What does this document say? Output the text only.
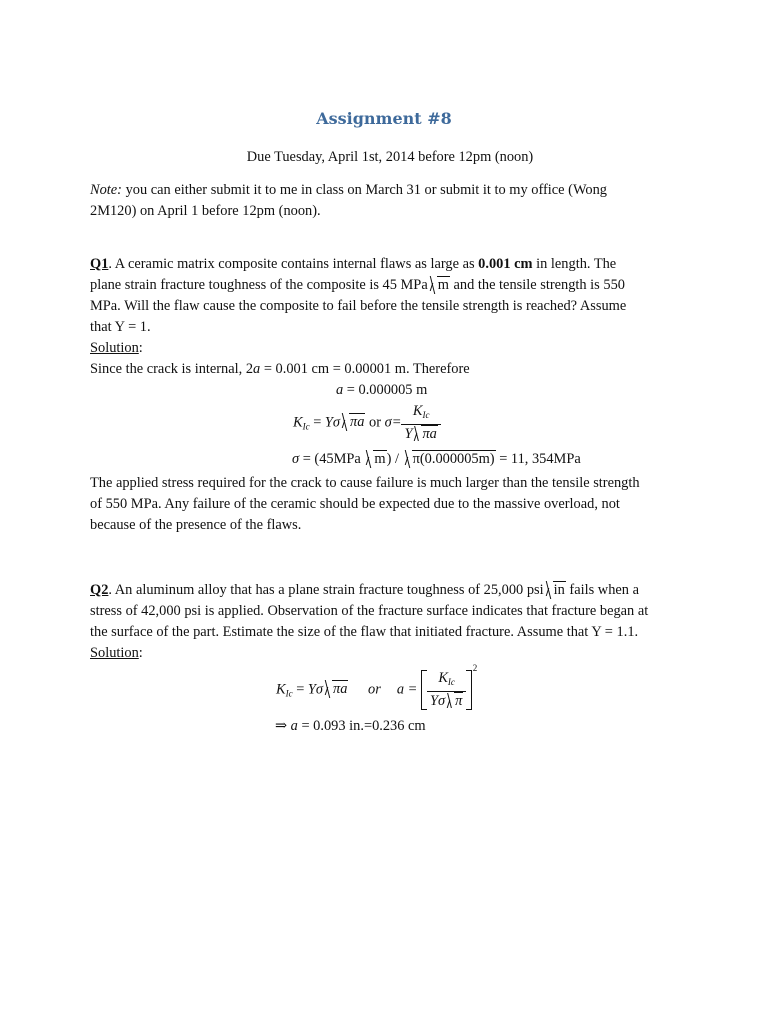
Assignment #8

Due Tuesday, April 1st, 2014 before 12pm (noon)

Note: you can either submit it to me in class on March 31 or submit it to my office (Wong
2M120) on April 1 before 12pm (noon).

Q1. A ceramic matrix composite contains internal flaws as large as 0.001 cm in length. The
plane strain fracture toughness of the composite is 45 MPa m and the tensile strength is 550
MPa. Will the flaw cause the composite to fail before the tensile strength is reached? Assume
that Y = 1.
Solution:
Since the crack is internal, 2a = 0.001 cm = 0.00001 m. Therefore

a = 0.000005 m
$K_{Ic} = Y\sigma$ πa or $\sigma= \frac{K_{Ic}}{\text{Y πa}}$
σ = (45MPa m) / π(0.000005m) = 11, 354MPa

The applied stress required for the crack to cause failure is much larger than the tensile strength
of 550 MPa. Any failure of the ceramic should be expected due to the massive overload, not
because of the presence of the flaws.

Q2. An aluminum alloy that has a plane strain fracture toughness of 25,000 psi in fails when a
stress of 42,000 psi is applied. Observation of the fracture surface indicates that fracture began at
the surface of the part. Estimate the size of the flaw that initiated fracture. Assume that Y = 1.1.
Solution:

$K_{Ic} = Y\sigma$ πa or $a = \frac{K_{Ic}}{\text{Yσ π}}$
2
⇒ a = 0.093 in.=0.236 cm
